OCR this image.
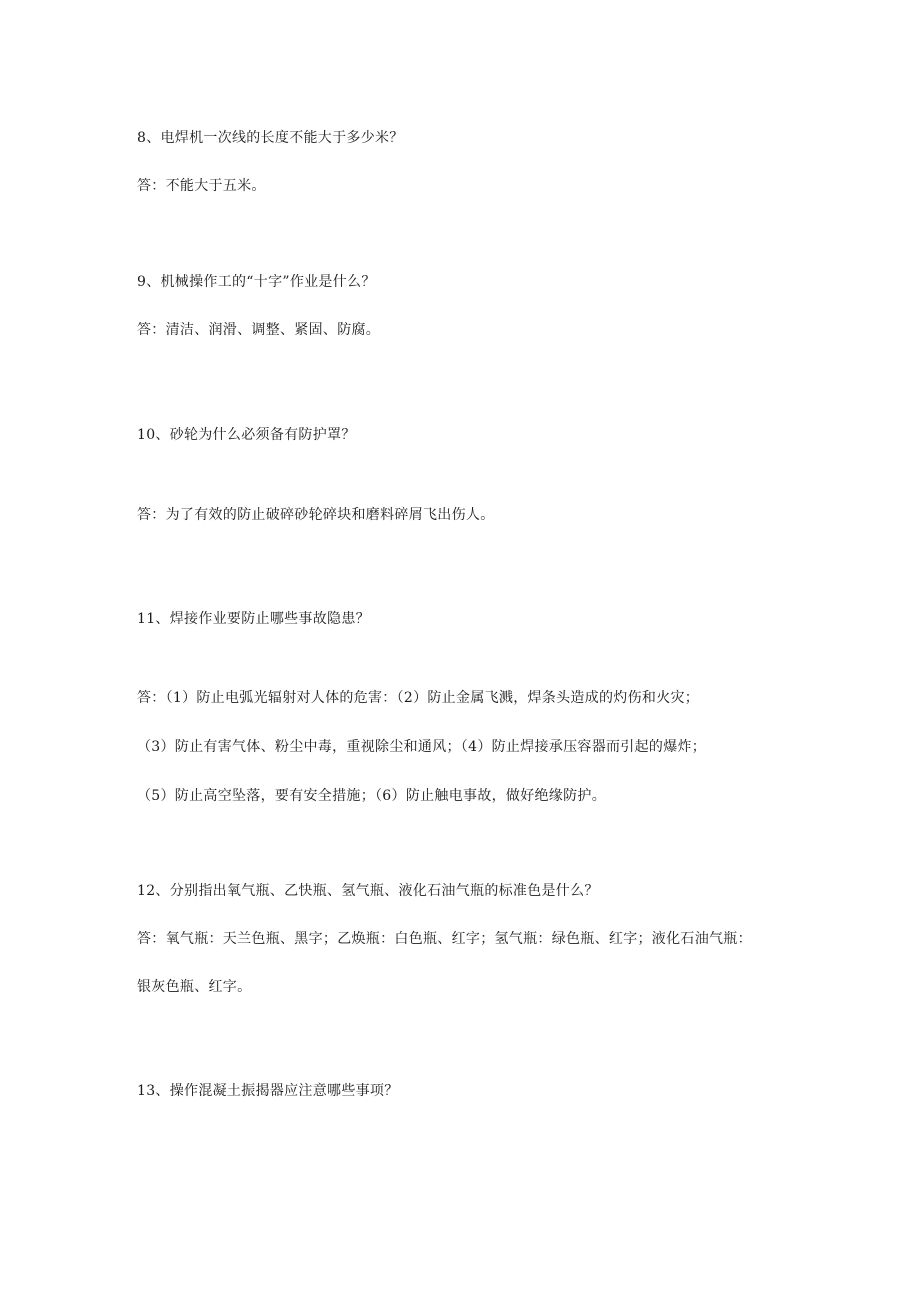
8、电焊机一次线的长度不能大于多少米？
答：不能大于五米。
9、机械操作工的“十字”作业是什么？
答：清洁、润滑、调整、紧固、防腐。
10、砂轮为什么必须备有防护罩？
答：为了有效的防止破碎砂轮碎块和磨料碎屑飞出伤人。
11、焊接作业要防止哪些事故隐患？
答：（1）防止电弧光辐射对人体的危害：（2）防止金属飞溅，焊条头造成的灼伤和火灾；
（3）防止有害气体、粉尘中毒，重视除尘和通风；（4）防止焊接承压容器而引起的爆炸；
（5）防止高空坠落，要有安全措施；（6）防止触电事故，做好绝缘防护。
12、分别指出氧气瓶、乙快瓶、氢气瓶、液化石油气瓶的标准色是什么？
答：氧气瓶：天兰色瓶、黑字；乙焕瓶：白色瓶、红字；氢气瓶：绿色瓶、红字；液化石油气瓶：
银灰色瓶、红字。
13、操作混凝土振揭器应注意哪些事项？
